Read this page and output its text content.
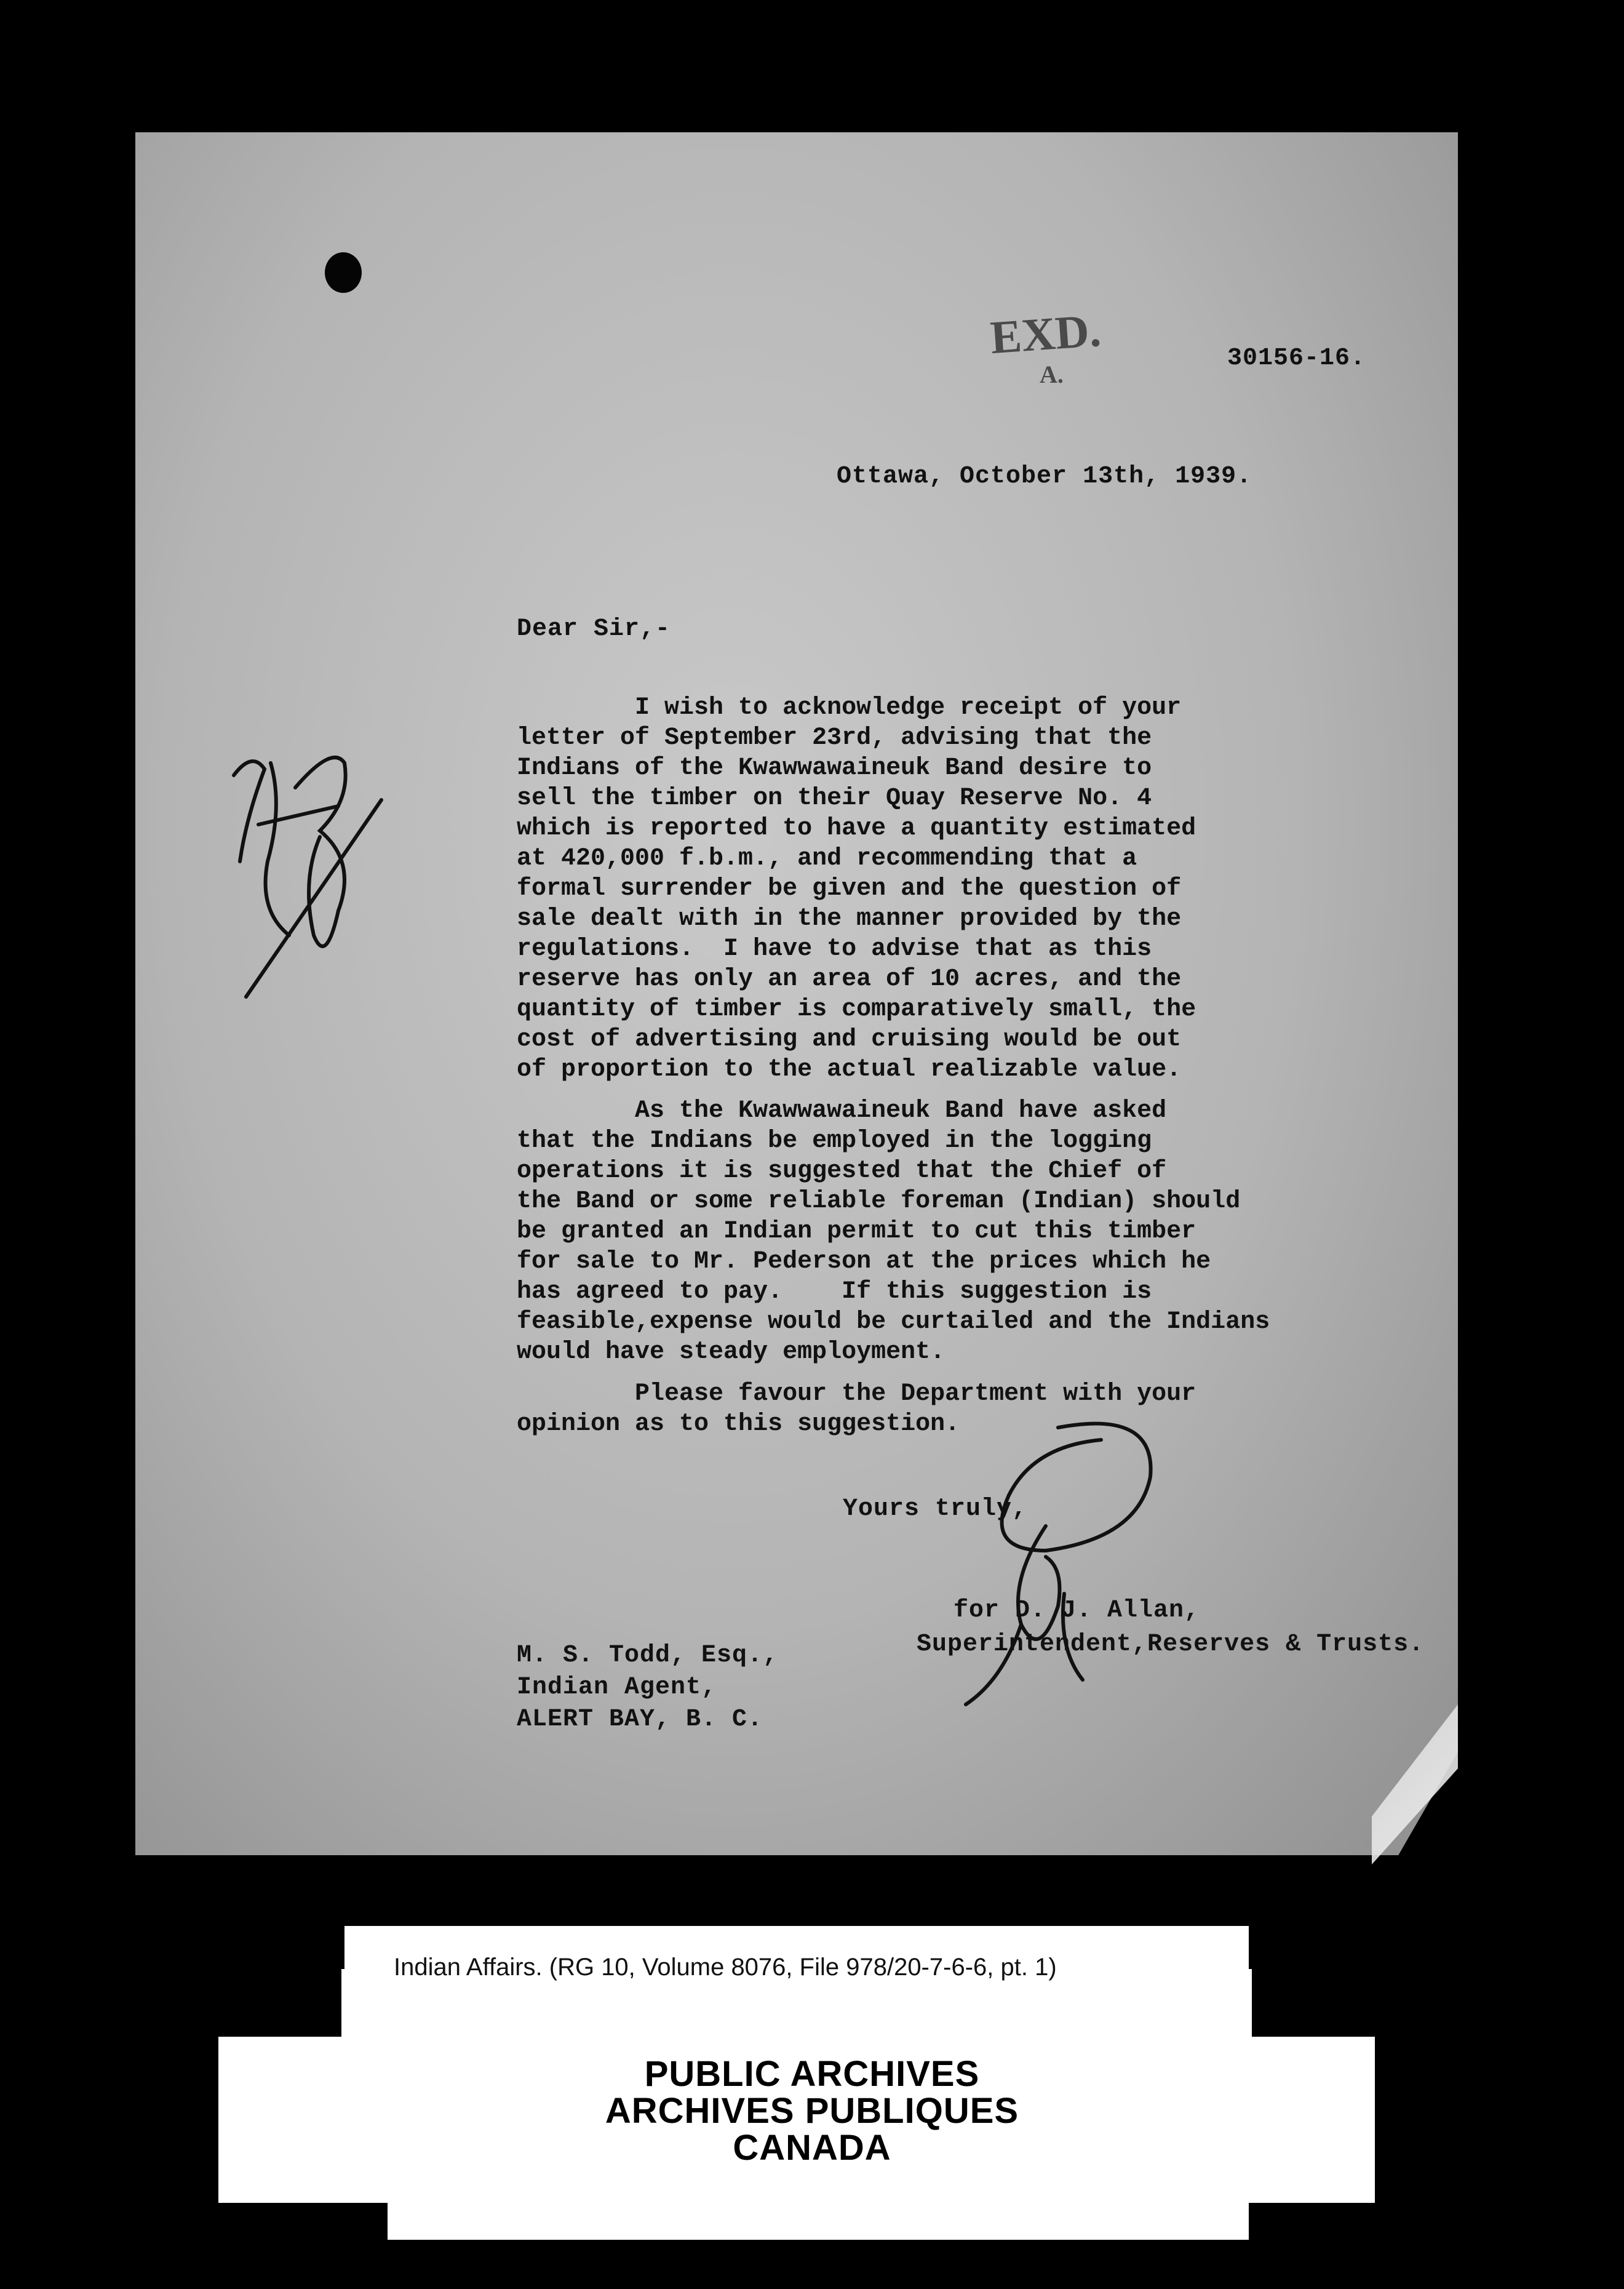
EXD.
A.
30156-16.
Ottawa, October 13th, 1939.
Dear Sir,-
I wish to acknowledge receipt of your
letter of September 23rd, advising that the
Indians of the Kwawwawaineuk Band desire to
sell the timber on their Quay Reserve No. 4
which is reported to have a quantity estimated
at 420,000 f.b.m., and recommending that a
formal surrender be given and the question of
sale dealt with in the manner provided by the
regulations.  I have to advise that as this
reserve has only an area of 10 acres, and the
quantity of timber is comparatively small, the
cost of advertising and cruising would be out
of proportion to the actual realizable value.
As the Kwawwawaineuk Band have asked
that the Indians be employed in the logging
operations it is suggested that the Chief of
the Band or some reliable foreman (Indian) should
be granted an Indian permit to cut this timber
for sale to Mr. Pederson at the prices which he
has agreed to pay.    If this suggestion is
feasible,expense would be curtailed and the Indians
would have steady employment.
Please favour the Department with your
opinion as to this suggestion.
Yours truly,
for D. J. Allan,
Superintendent,Reserves & Trusts.
M. S. Todd, Esq.,
Indian Agent,
ALERT BAY, B. C.
Indian Affairs. (RG 10, Volume 8076, File 978/20-7-6-6, pt. 1)
PUBLIC ARCHIVES
ARCHIVES PUBLIQUES
CANADA
